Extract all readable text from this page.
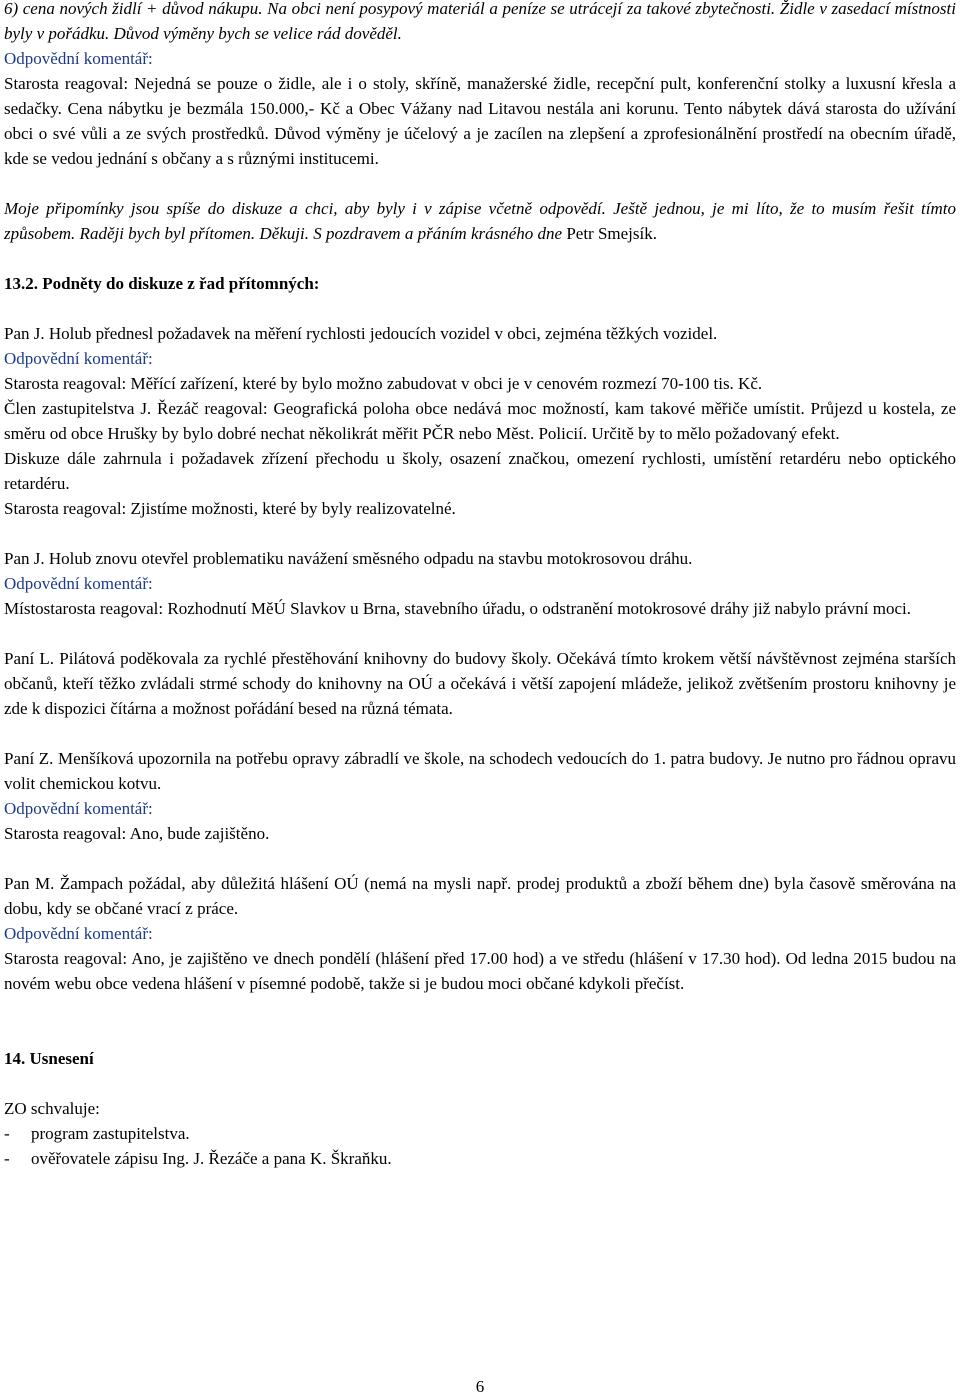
6) cena nových židlí + důvod nákupu. Na obci není posypový materiál a peníze se utrácejí za takové zbytečnosti. Židle v zasedací místnosti byly v pořádku. Důvod výměny bych se velice rád dověděl.

Odpovědní komentář:

Starosta reagoval: Nejedná se pouze o židle, ale i o stoly, skříně, manažerské židle, recepční pult, konferenční stolky a luxusní křesla a sedačky. Cena nábytku je bezmála 150.000,- Kč a Obec Vážany nad Litavou nestála ani korunu. Tento nábytek dává starosta do užívání obci o své vůli a ze svých prostředků. Důvod výměny je účelový a je zacílen na zlepšení a zprofesionálnění prostředí na obecním úřadě, kde se vedou jednání s občany a s různými institucemi.

Moje připomínky jsou spíše do diskuze a chci, aby byly i v zápise včetně odpovědí. Ještě jednou, je mi líto, že to musím řešit tímto způsobem. Raději bych byl přítomen. Děkuji. S pozdravem a přáním krásného dne Petr Smejsík.

13.2. Podněty do diskuze z řad přítomných:

Pan J. Holub přednesl požadavek na měření rychlosti jedoucích vozidel v obci, zejména těžkých vozidel.

Odpovědní komentář:

Starosta reagoval: Měřící zařízení, které by bylo možno zabudovat v obci je v cenovém rozmezí 70-100 tis. Kč.

Člen zastupitelstva J. Řezáč reagoval: Geografická poloha obce nedává moc možností, kam takové měřiče umístit. Průjezd u kostela, ze směru od obce Hrušky by bylo dobré nechat několikrát měřit PČR nebo Měst. Policií. Určitě by to mělo požadovaný efekt.

Diskuze dále zahrnula i požadavek zřízení přechodu u školy, osazení značkou, omezení rychlosti, umístění retardéru nebo optického retardéru.

Starosta reagoval: Zjistíme možnosti, které by byly realizovatelné.

Pan J. Holub znovu otevřel problematiku navážení směsného odpadu na stavbu motokrosovou dráhu.

Odpovědní komentář:

Místostarosta reagoval: Rozhodnutí MěÚ Slavkov u Brna, stavebního úřadu, o odstranění motokrosové dráhy již nabylo právní moci.

Paní L. Pilátová poděkovala za rychlé přestěhování knihovny do budovy školy. Očekává tímto krokem větší návštěvnost zejména starších občanů, kteří těžko zvládali strmé schody do knihovny na OÚ a očekává i větší zapojení mládeže, jelikož zvětšením prostoru knihovny je zde k dispozici čítárna a možnost pořádání besed na různá témata.

Paní Z. Menšíková upozornila na potřebu opravy zábradlí ve škole, na schodech vedoucích do 1. patra budovy. Je nutno pro řádnou opravu volit chemickou kotvu.

Odpovědní komentář:

Starosta reagoval: Ano, bude zajištěno.

Pan M. Žampach požádal, aby důležitá hlášení OÚ (nemá na mysli např. prodej produktů a zboží během dne) byla časově směrována na dobu, kdy se občané vrací z práce.

Odpovědní komentář:

Starosta reagoval: Ano, je zajištěno ve dnech pondělí (hlášení před 17.00 hod) a ve středu (hlášení v 17.30 hod). Od ledna 2015 budou na novém webu obce vedena hlášení v písemné podobě, takže si je budou moci občané kdykoli přečíst.

14. Usnesení

ZO schvaluje:

- program zastupitelstva.
- ověřovatele zápisu Ing. J. Řezáče a pana K. Škraňku.
6
